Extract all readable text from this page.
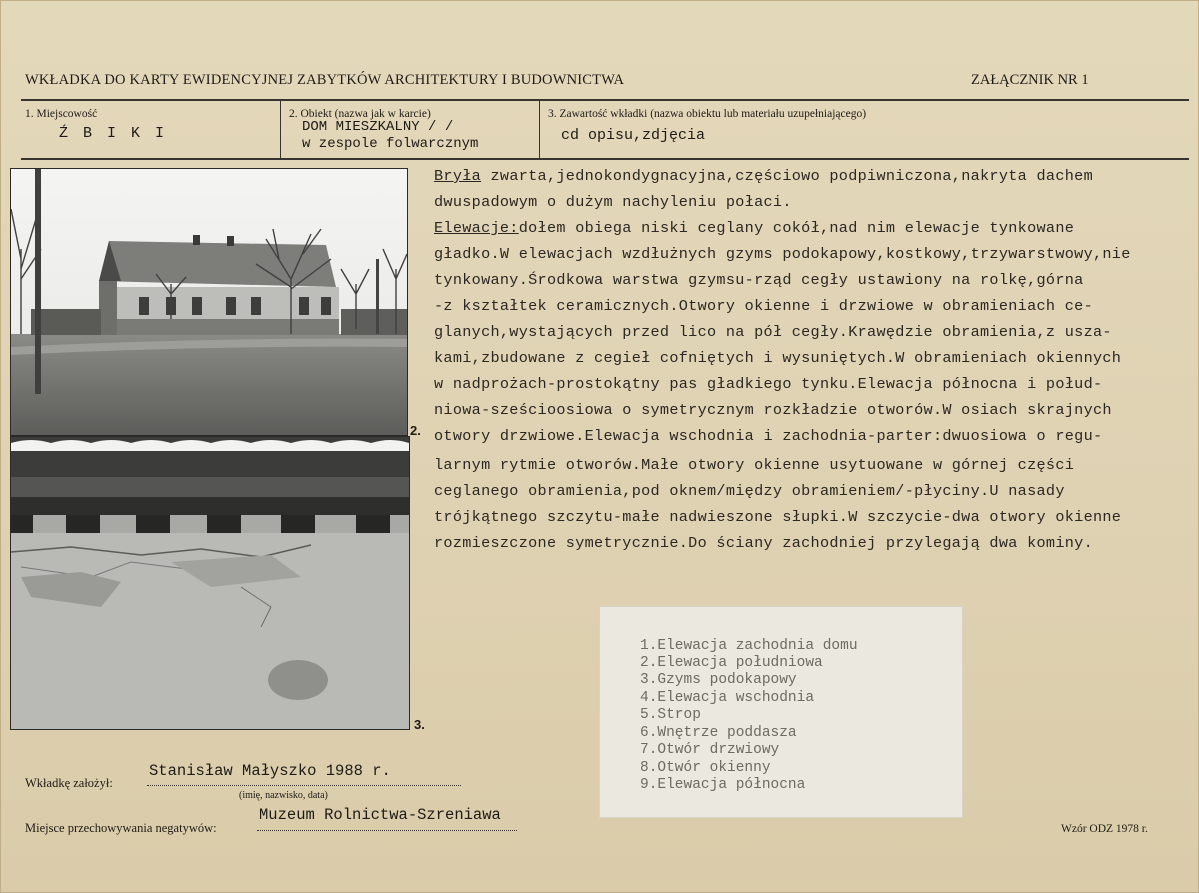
WKŁADKA DO KARTY EWIDENCYJNEJ ZABYTKÓW ARCHITEKTURY I BUDOWNICTWA	ZAŁĄCZNIK NR 1
1. Miejscowość
Ź B I K I
2. Obiekt (nazwa jak w karcie)
DOM MIESZKALNY / /
w zespole folwarcznym
3. Zawartość wkładki (nazwa obiektu lub materiału uzupełniającego)
cd opisu,zdjęcia
2.
3.
Bryła zwarta,jednokondygnacyjna,częściowo podpiwniczona,nakryta dachem
dwuspadowym o dużym nachyleniu połaci.
Elewacje:dołem obiega niski ceglany cokół,nad nim elewacje tynkowane
gładko.W elewacjach wzdłużnych gzyms podokapowy,kostkowy,trzywarstwowy,nie
tynkowany.Środkowa warstwa gzymsu-rząd cegły ustawiony na rolkę,górna
-z kształtek ceramicznych.Otwory okienne i drzwiowe w obramieniach ce-
glanych,wystających przed lico na pół cegły.Krawędzie obramienia,z usza-
kami,zbudowane z cegieł cofniętych i wysuniętych.W obramieniach okiennych
w nadprożach-prostokątny pas gładkiego tynku.Elewacja północna i połud-
niowa-sześcioosiowa o symetrycznym rozkładzie otworów.W osiach skrajnych
otwory drzwiowe.Elewacja wschodnia i zachodnia-parter:dwuosiowa o regu-
larnym rytmie otworów.Małe otwory okienne usytuowane w górnej części
ceglanego obramienia,pod oknem/między obramieniem/-płyciny.U nasady
trójkątnego szczytu-małe nadwieszone słupki.W szczycie-dwa otwory okienne
rozmieszczone symetrycznie.Do ściany zachodniej przylegają dwa kominy.
1.Elewacja zachodnia domu
2.Elewacja południowa
3.Gzyms podokapowy
4.Elewacja wschodnia
5.Strop
6.Wnętrze poddasza
7.Otwór drzwiowy
8.Otwór okienny
9.Elewacja północna
Wkładkę założył:
Stanisław Małyszko 1988 r.
(imię, nazwisko, data)
Miejsce przechowywania negatywów:
Muzeum Rolnictwa-Szreniawa
Wzór ODZ 1978 r.
